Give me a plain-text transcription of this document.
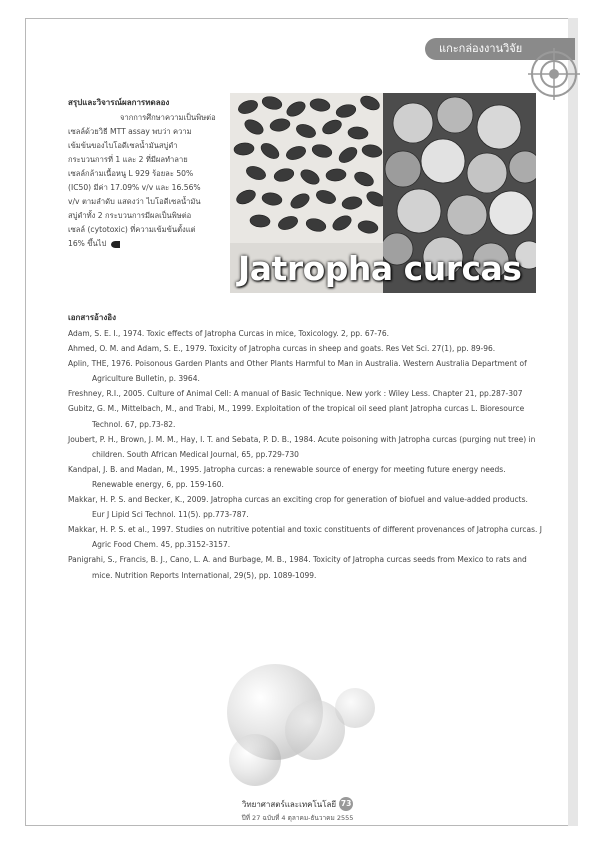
แกะกล่องงานวิจัย
สรุปและวิจารณ์ผลการทดลอง
จากการศึกษาความเป็นพิษต่อ
เซลล์ด้วยวิธี MTT assay พบว่า ความ
เข้มข้นของไบโอดีเซลน้ำมันสบู่ดำ
กระบวนการที่ 1 และ 2 ที่มีผลทำลาย
เซลล์กล้ามเนื้อหนู L 929 ร้อยละ 50%
(IC50) มีค่า 17.09% v/v และ 16.56%
v/v ตามลำดับ แสดงว่า ไบโอดีเซลน้ำมัน
สบู่ดำทั้ง 2 กระบวนการมีผลเป็นพิษต่อ
เซลล์ (cytotoxic) ที่ความเข้มข้นตั้งแต่
16% ขึ้นไป
Jatropha curcas
เอกสารอ้างอิง

Adam, S. E. I., 1974. Toxic effects of Jatropha Curcas in mice, Toxicology. 2, pp. 67-76.

Ahmed, O. M. and Adam, S. E., 1979. Toxicity of Jatropha curcas in sheep and goats. Res Vet Sci. 27(1), pp. 89-96.

Aplin, THE, 1976. Poisonous Garden Plants and Other Plants Harmful to Man in Australia. Western Australia Department of Agriculture Bulletin, p. 3964.

Freshney, R.I., 2005. Culture of Animal Cell: A manual of Basic Technique. New york : Wiley Less. Chapter 21, pp.287-307

Gubitz, G. M., Mittelbach, M., and Trabi, M., 1999. Exploitation of the tropical oil seed plant Jatropha curcas L. Bioresource Technol. 67, pp.73-82.

Joubert, P. H., Brown, J. M. M., Hay, I. T. and Sebata, P. D. B., 1984. Acute poisoning with Jatropha curcas (purging nut tree) in children. South African Medical Journal, 65, pp.729-730

Kandpal, J. B. and Madan, M., 1995. Jatropha curcas: a renewable source of energy for meeting future energy needs. Renewable energy, 6, pp. 159-160.

Makkar, H. P. S. and Becker, K., 2009. Jatropha curcas an exciting crop for generation of biofuel and value-added products. Eur J Lipid Sci Technol. 11(5). pp.773-787.

Makkar, H. P. S. et al., 1997. Studies on nutritive potential and toxic constituents of different provenances of Jatropha curcas. J Agric Food Chem. 45, pp.3152-3157.

Panigrahi, S., Francis, B. J., Cano, L. A. and Burbage, M. B., 1984. Toxicity of Jatropha curcas seeds from Mexico to rats and mice. Nutrition Reports International, 29(5), pp. 1089-1099.

วิทยาศาสตร์และเทคโนโลยี 73
ปีที่ 27 ฉบับที่ 4 ตุลาคม-ธันวาคม 2555
